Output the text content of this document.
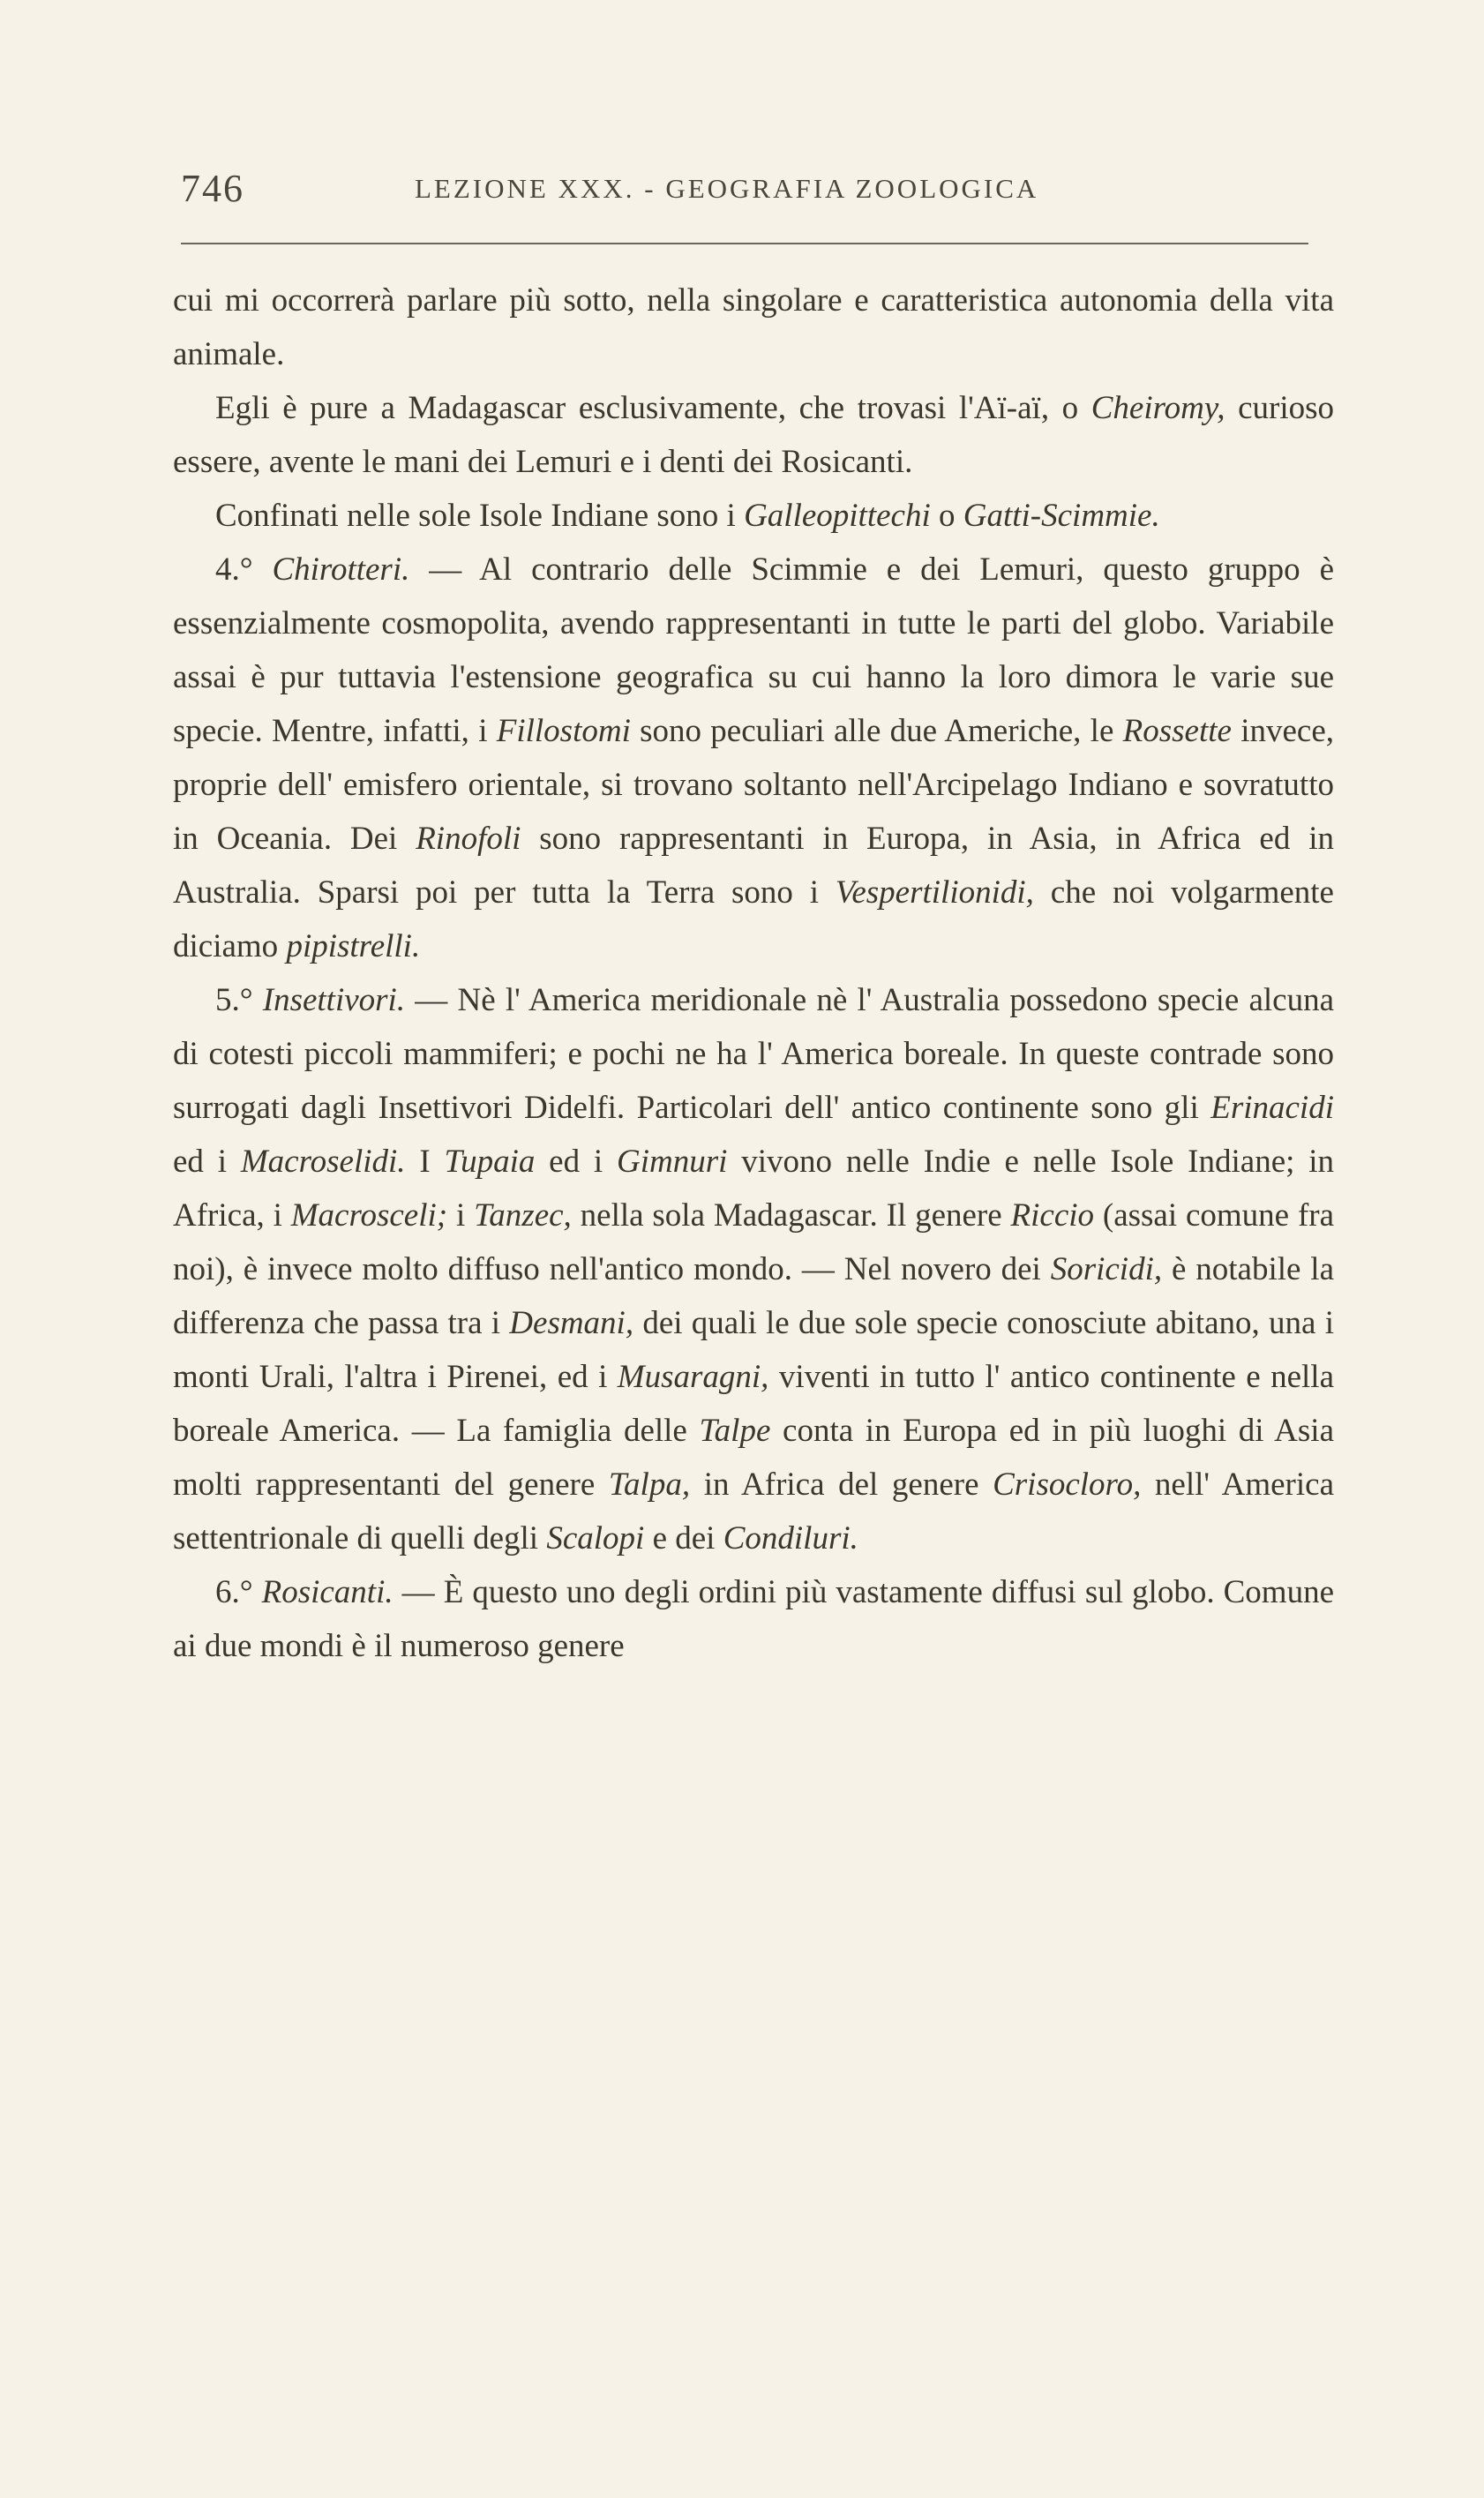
746	LEZIONE XXX. - GEOGRAFIA ZOOLOGICA

cui mi occorrerà parlare più sotto, nella singolare e caratteristica autonomia della vita animale.

Egli è pure a Madagascar esclusivamente, che trovasi l'Aï-aï, o Cheiromy, curioso essere, avente le mani dei Lemuri e i denti dei Rosicanti.

Confinati nelle sole Isole Indiane sono i Galleopittechi o Gatti-Scimmie.

4.° Chirotteri. — Al contrario delle Scimmie e dei Lemuri, questo gruppo è essenzialmente cosmopolita, avendo rappresentanti in tutte le parti del globo. Variabile assai è pur tuttavia l'estensione geografica su cui hanno la loro dimora le varie sue specie. Mentre, infatti, i Fillostomi sono peculiari alle due Americhe, le Rossette invece, proprie dell' emisfero orientale, si trovano soltanto nell'Arcipelago Indiano e sovratutto in Oceania. Dei Rinofoli sono rappresentanti in Europa, in Asia, in Africa ed in Australia. Sparsi poi per tutta la Terra sono i Vespertilionidi, che noi volgarmente diciamo pipistrelli.

5.° Insettivori. — Nè l' America meridionale nè l' Australia possedono specie alcuna di cotesti piccoli mammiferi; e pochi ne ha l' America boreale. In queste contrade sono surrogati dagli Insettivori Didelfi. Particolari dell' antico continente sono gli Erinacidi ed i Macroselidi. I Tupaia ed i Gimnuri vivono nelle Indie e nelle Isole Indiane; in Africa, i Macrosceli; i Tanzec, nella sola Madagascar. Il genere Riccio (assai comune fra noi), è invece molto diffuso nell'antico mondo. — Nel novero dei Soricidi, è notabile la differenza che passa tra i Desmani, dei quali le due sole specie conosciute abitano, una i monti Urali, l'altra i Pirenei, ed i Musaragni, viventi in tutto l' antico continente e nella boreale America. — La famiglia delle Talpe conta in Europa ed in più luoghi di Asia molti rappresentanti del genere Talpa, in Africa del genere Crisocloro, nell' America settentrionale di quelli degli Scalopi e dei Condiluri.

6.° Rosicanti. — È questo uno degli ordini più vastamente diffusi sul globo. Comune ai due mondi è il numeroso genere
